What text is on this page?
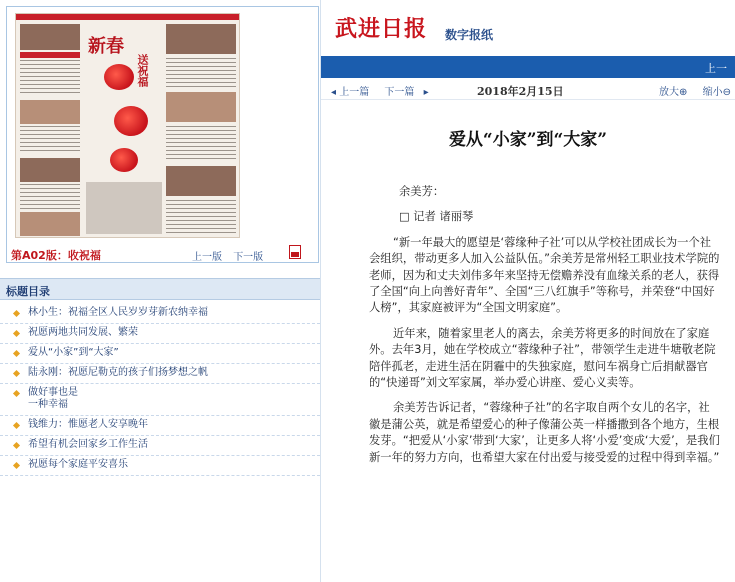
新春
送祝福
第A02版：收祝福	上一版 下一版
标题目录
林小生：祝福全区人民岁岁芽新农纳幸福
祝愿两地共同发展、繁荣
爱从“小家”到“大家”
陆永刚：祝愿尼勒克的孩子们扬梦想之帆
做好事也是
一种幸福
钱维力：惟愿老人安享晚年
希望有机会回家乡工作生活
祝愿每个家庭平安喜乐
武进日报 数字报纸
上一
◂ 上一篇 下一篇 ▸	2018年2月15日	放大⊕ 缩小⊖
爱从“小家”到“大家”

余美芳：

□ 记者 诸丽琴

“新一年最大的愿望是‘蓉缘种子社’可以从学校社团成长为一个社会组织，带动更多人加入公益队伍。”余美芳是常州轻工职业技术学院的老师，因为和丈夫刘伟多年来坚持无偿赡养没有血缘关系的老人，获得了全国“向上向善好青年”、全国“三八红旗手”等称号，并荣登“中国好人榜”，其家庭被评为“全国文明家庭”。

近年来，随着家里老人的离去，余美芳将更多的时间放在了家庭外。去年3月，她在学校成立“蓉缘种子社”，带领学生走进牛塘敬老院陪伴孤老，走进生活在阴霾中的失独家庭，慰问车祸身亡后捐献器官的“快递哥”刘文军家属，举办爱心讲座、爱心义卖等。

余美芳告诉记者，“蓉缘种子社”的名字取自两个女儿的名字，社徽是蒲公英，就是希望爱心的种子像蒲公英一样播撒到各个地方，生根发芽。“把爱从‘小家’带到‘大家’，让更多人将‘小爱’变成‘大爱’，是我们新一年的努力方向，也希望大家在付出爱与接受爱的过程中得到幸福。”
